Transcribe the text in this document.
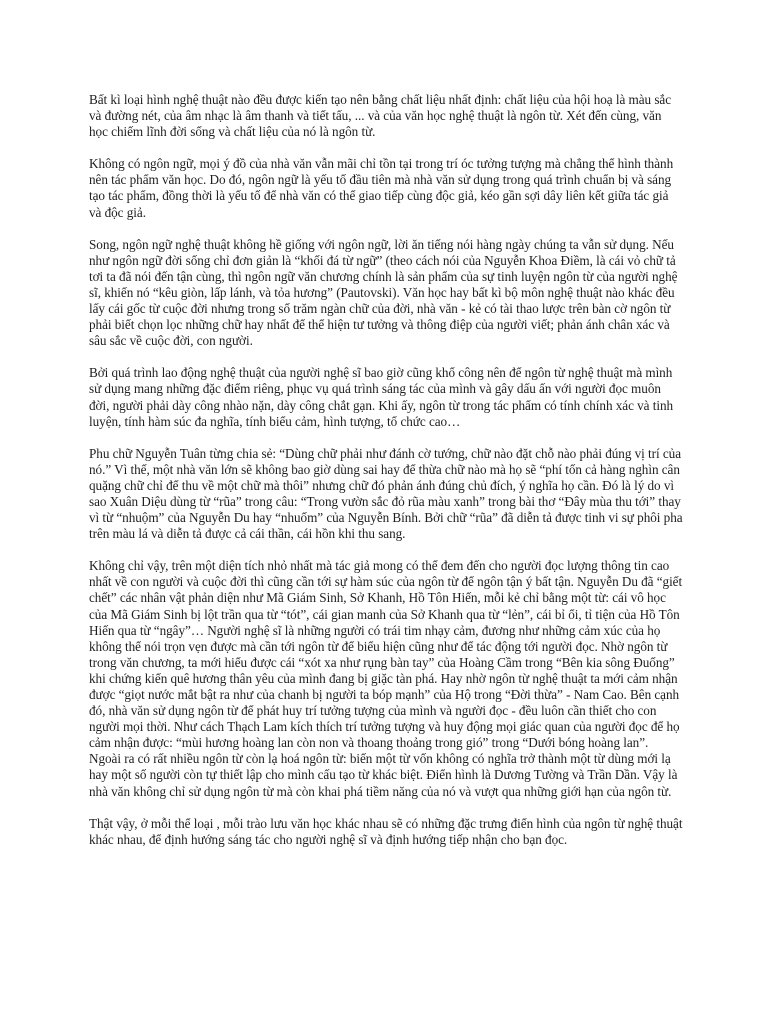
Bất kì loại hình nghệ thuật nào đều được kiến tạo nên bằng chất liệu nhất định: chất liệu của hội hoạ là màu sắc và đường nét, của âm nhạc là âm thanh và tiết tấu, ... và của văn học nghệ thuật là ngôn từ. Xét đến cùng, văn học chiếm lĩnh đời sống và chất liệu của nó là ngôn từ.

Không có ngôn ngữ, mọi ý đồ của nhà văn vẫn mãi chỉ tồn tại trong trí óc tưởng tượng mà chẳng thể hình thành nên tác phẩm văn học. Do đó, ngôn ngữ là yếu tố đầu tiên mà nhà văn sử dụng trong quá trình chuẩn bị và sáng tạo tác phẩm, đồng thời là yếu tố để nhà văn có thể giao tiếp cùng độc giả, kéo gần sợi dây liên kết giữa tác giả và độc giả.

Song, ngôn ngữ nghệ thuật không hề giống với ngôn ngữ, lời ăn tiếng nói hàng ngày chúng ta vẫn sử dụng. Nếu như ngôn ngữ đời sống chỉ đơn giản là “khối đá từ ngữ” (theo cách nói của Nguyễn Khoa Điềm, là cái vỏ chữ tả tơi ta đã nói đến tận cùng, thì ngôn ngữ văn chương chính là sản phẩm của sự tinh luyện ngôn từ của người nghệ sĩ, khiến nó “kêu giòn, lấp lánh, và tỏa hương” (Pautovski). Văn học hay bất kì bộ môn nghệ thuật nào khác đều lấy cái gốc từ cuộc đời nhưng trong số trăm ngàn chữ của đời, nhà văn - kẻ có tài thao lược trên bàn cờ ngôn từ phải biết chọn lọc những chữ hay nhất để thể hiện tư tưởng và thông điệp của người viết; phản ánh chân xác và sâu sắc về cuộc đời, con người.

Bởi quá trình lao động nghệ thuật của người nghệ sĩ bao giờ cũng khổ công nên để ngôn từ nghệ thuật mà mình sử dụng mang những đặc điểm riêng, phục vụ quá trình sáng tác của mình và gây dấu ấn với người đọc muôn đời, người phải dày công nhào nặn, dày công chắt gạn. Khi ấy, ngôn từ trong tác phẩm có tính chính xác và tinh luyện, tính hàm súc đa nghĩa, tính biểu cảm, hình tượng, tổ chức cao…

Phu chữ Nguyễn Tuân từng chia sẻ: “Dùng chữ phải như đánh cờ tướng, chữ nào đặt chỗ nào phải đúng vị trí của nó.” Vì thế, một nhà văn lớn sẽ không bao giờ dùng sai hay để thừa chữ nào mà họ sẽ “phí tốn cả hàng nghìn cân quặng chữ chỉ để thu về một chữ mà thôi” nhưng chữ đó phản ánh đúng chủ đích, ý nghĩa họ cần. Đó là lý do vì sao Xuân Diệu dùng từ “rũa” trong câu: “Trong vườn sắc đỏ rũa màu xanh” trong bài thơ “Đây mùa thu tới” thay vì từ “nhuộm” của Nguyễn Du hay “nhuốm” của Nguyễn Bính. Bởi chữ “rũa” đã diễn tả được tinh vi sự phôi pha trên màu lá và diễn tả được cả cái thần, cái hồn khi thu sang.

Không chỉ vậy, trên một diện tích nhỏ nhất mà tác giả mong có thể đem đến cho người đọc lượng thông tin cao nhất về con người và cuộc đời thì cũng cần tới sự hàm súc của ngôn từ để ngôn tận ý bất tận. Nguyễn Du đã “giết chết” các nhân vật phản diện như Mã Giám Sinh, Sở Khanh, Hồ Tôn Hiến, mỗi kẻ chỉ bằng một từ: cái vô học của Mã Giám Sinh bị lột trần qua từ “tót”, cái gian manh của Sở Khanh qua từ “lẻn”, cái bỉ ổi, tỉ tiện của Hồ Tôn Hiến qua từ “ngây”… Người nghệ sĩ là những người có trái tim nhạy cảm, đương như những cảm xúc của họ không thể nói trọn vẹn được mà cần tới ngôn từ để biểu hiện cũng như để tác động tới người đọc. Nhờ ngôn từ trong văn chương, ta mới hiểu được cái “xót xa như rụng bàn tay” của Hoàng Cầm trong “Bên kia sông Đuống” khi chứng kiến quê hương thân yêu của mình đang bị giặc tàn phá. Hay nhờ ngôn từ nghệ thuật ta mới cảm nhận được “giọt nước mắt bật ra như của chanh bị người ta bóp mạnh” của Hộ trong “Đời thừa” - Nam Cao. Bên cạnh đó, nhà văn sử dụng ngôn từ để phát huy trí tưởng tượng của mình và người đọc - đều luôn cần thiết cho con người mọi thời. Như cách Thạch Lam kích thích trí tưởng tượng và huy động mọi giác quan của người đọc để họ cảm nhận được: “mùi hương hoàng lan còn non và thoang thoảng trong gió” trong “Dưới bóng hoàng lan”. Ngoài ra có rất nhiều ngôn từ còn lạ hoá ngôn từ: biến một từ vốn không có nghĩa trở thành một từ dùng mới lạ hay một số người còn tự thiết lập cho mình cấu tạo từ khác biệt. Điển hình là Dương Tường và Trần Dần. Vậy là nhà văn không chỉ sử dụng ngôn từ mà còn khai phá tiềm năng của nó và vượt qua những giới hạn của ngôn từ.

Thật vậy, ở mỗi thể loại , mỗi trào lưu văn học khác nhau sẽ có những đặc trưng điển hình của ngôn từ nghệ thuật khác nhau, để định hướng sáng tác cho người nghệ sĩ và định hướng tiếp nhận cho bạn đọc.
